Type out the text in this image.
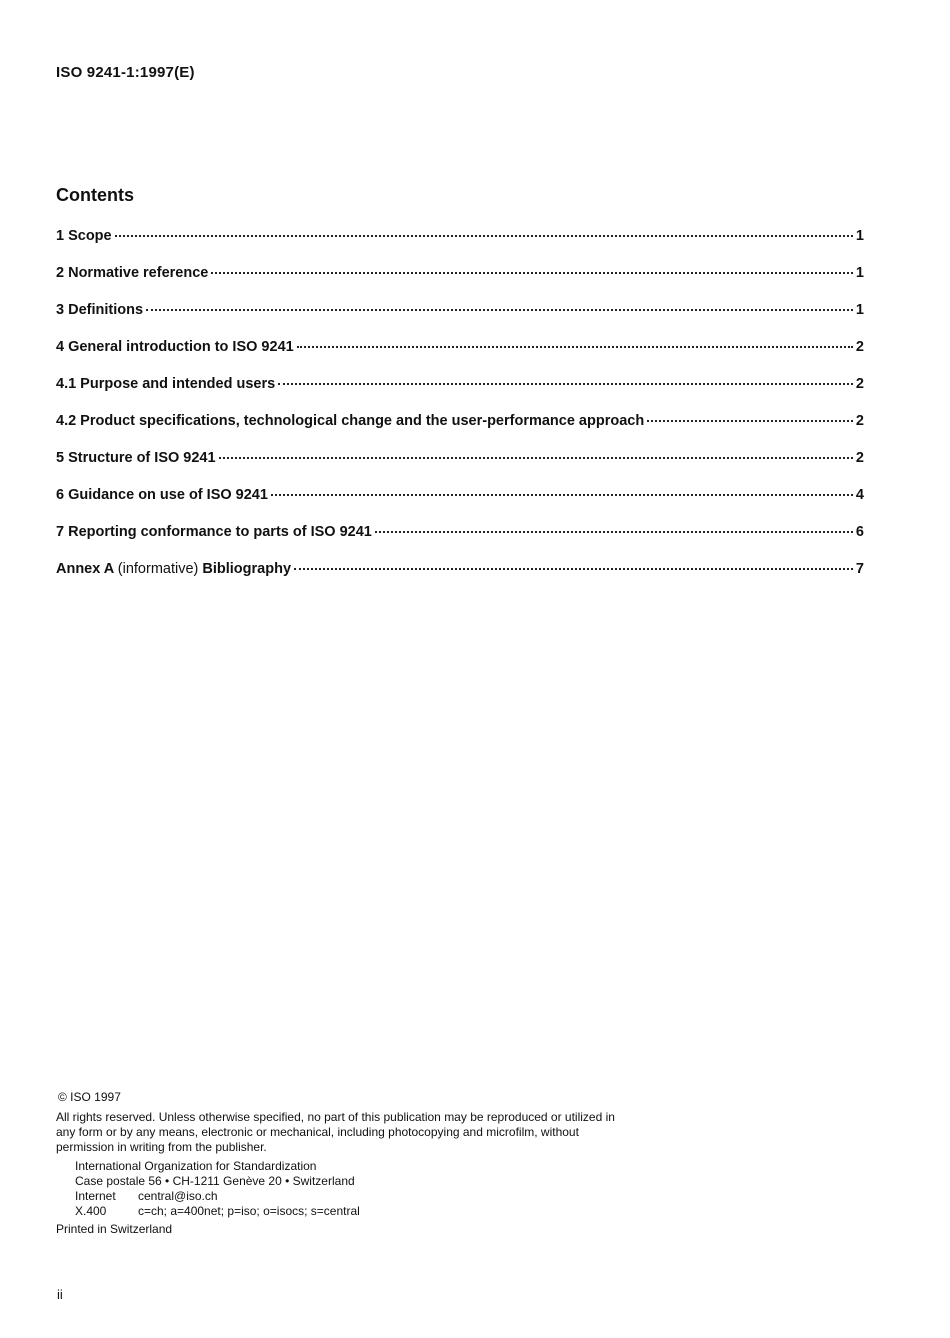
ISO 9241-1:1997(E)
Contents
1 Scope	1
2 Normative reference	1
3 Definitions	1
4 General introduction to ISO 9241	2
4.1 Purpose and intended users	2
4.2 Product specifications, technological change and the user-performance approach	2
5 Structure of ISO 9241	2
6 Guidance on use of ISO 9241	4
7 Reporting conformance to parts of ISO 9241	6
Annex A (informative) Bibliography	7
© ISO 1997
All rights reserved. Unless otherwise specified, no part of this publication may be reproduced or utilized in any form or by any means, electronic or mechanical, including photocopying and microfilm, without permission in writing from the publisher.
International Organization for Standardization
Case postale 56 • CH-1211 Genève 20 • Switzerland
Internet	central@iso.ch
X.400	c=ch; a=400net; p=iso; o=isocs; s=central
Printed in Switzerland
ii
